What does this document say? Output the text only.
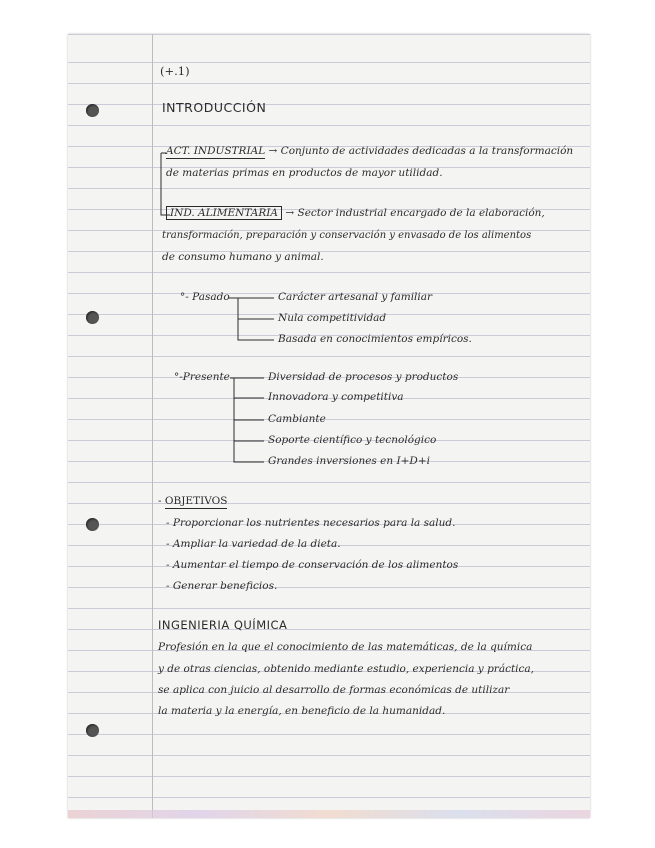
(+.1)
INTRODUCCIÓN
ACT. INDUSTRIAL → Conjunto de actividades dedicadas a la transformación
de materias primas en productos de mayor utilidad.
IND. ALIMENTARIA → Sector industrial encargado de la elaboración,
transformación, preparación y conservación y envasado de los alimentos
de consumo humano y animal.
°- Pasado	Carácter artesanal y familiar
Nula competitividad
Basada en conocimientos empíricos.
°-Presente	Diversidad de procesos y productos
Innovadora y competitiva
Cambiante
Soporte científico y tecnológico
Grandes inversiones en I+D+i
- OBJETIVOS
- Proporcionar los nutrientes necesarios para la salud.
- Ampliar la variedad de la dieta.
- Aumentar el tiempo de conservación de los alimentos
- Generar beneficios.
INGENIERIA QUÍMICA
Profesión en la que el conocimiento de las matemáticas, de la química
y de otras ciencias, obtenido mediante estudio, experiencia y práctica,
se aplica con juicio al desarrollo de formas económicas de utilizar
la materia y la energía, en beneficio de la humanidad.
